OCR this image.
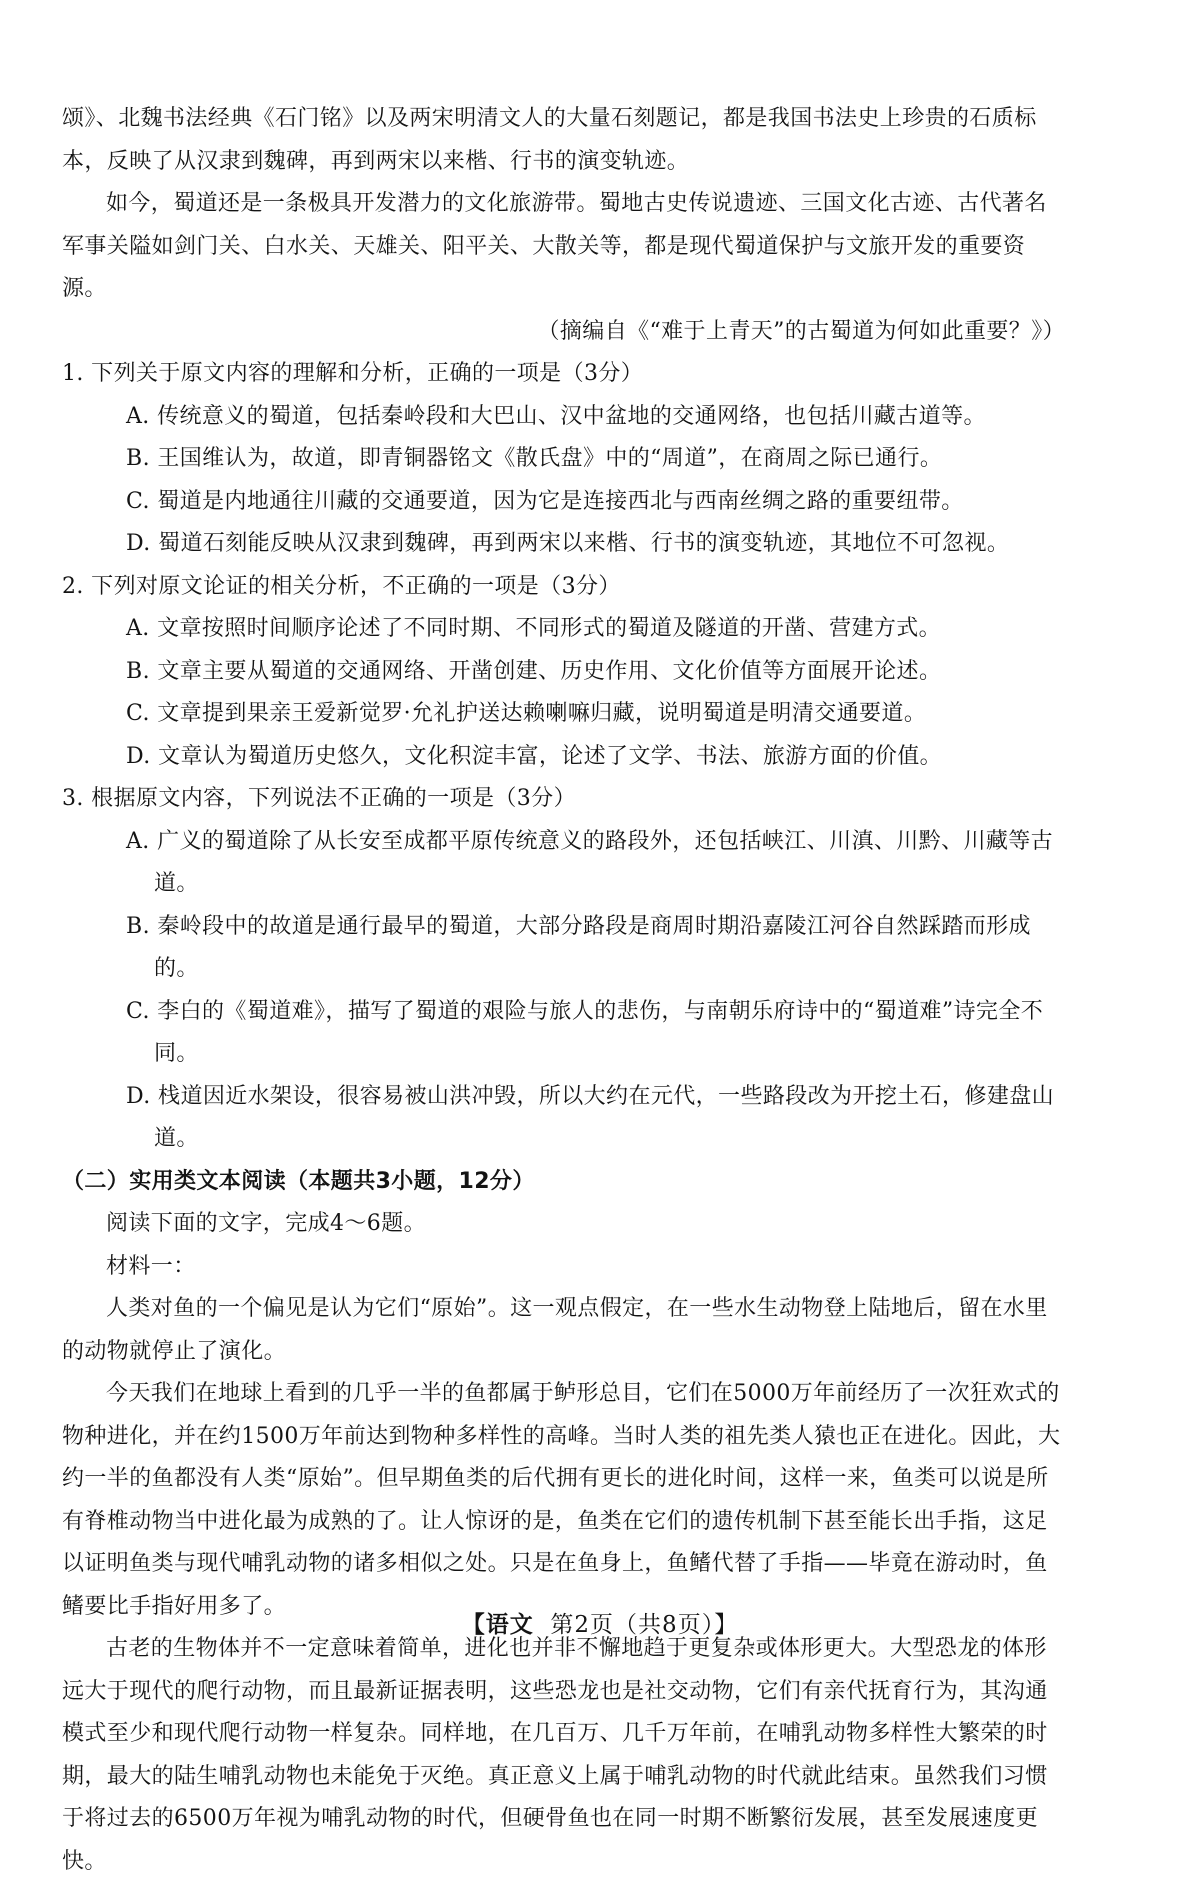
颂》、北魏书法经典《石门铭》以及两宋明清文人的大量石刻题记，都是我国书法史上珍贵的石质标本，反映了从汉隶到魏碑，再到两宋以来楷、行书的演变轨迹。

如今，蜀道还是一条极具开发潜力的文化旅游带。蜀地古史传说遗迹、三国文化古迹、古代著名军事关隘如剑门关、白水关、天雄关、阳平关、大散关等，都是现代蜀道保护与文旅开发的重要资源。

（摘编自《“难于上青天”的古蜀道为何如此重要？》）

1. 下列关于原文内容的理解和分析，正确的一项是（3分）

A. 传统意义的蜀道，包括秦岭段和大巴山、汉中盆地的交通网络，也包括川藏古道等。

B. 王国维认为，故道，即青铜器铭文《散氏盘》中的“周道”，在商周之际已通行。

C. 蜀道是内地通往川藏的交通要道，因为它是连接西北与西南丝绸之路的重要纽带。

D. 蜀道石刻能反映从汉隶到魏碑，再到两宋以来楷、行书的演变轨迹，其地位不可忽视。

2. 下列对原文论证的相关分析，不正确的一项是（3分）

A. 文章按照时间顺序论述了不同时期、不同形式的蜀道及隧道的开凿、营建方式。

B. 文章主要从蜀道的交通网络、开凿创建、历史作用、文化价值等方面展开论述。

C. 文章提到果亲王爱新觉罗·允礼护送达赖喇嘛归藏，说明蜀道是明清交通要道。

D. 文章认为蜀道历史悠久，文化积淀丰富，论述了文学、书法、旅游方面的价值。

3. 根据原文内容，下列说法不正确的一项是（3分）

A. 广义的蜀道除了从长安至成都平原传统意义的路段外，还包括峡江、川滇、川黔、川藏等古道。

B. 秦岭段中的故道是通行最早的蜀道，大部分路段是商周时期沿嘉陵江河谷自然踩踏而形成的。

C. 李白的《蜀道难》，描写了蜀道的艰险与旅人的悲伤，与南朝乐府诗中的“蜀道难”诗完全不同。

D. 栈道因近水架设，很容易被山洪冲毁，所以大约在元代，一些路段改为开挖土石，修建盘山道。

（二）实用类文本阅读（本题共3小题，12分）

阅读下面的文字，完成4～6题。

材料一：

人类对鱼的一个偏见是认为它们“原始”。这一观点假定，在一些水生动物登上陆地后，留在水里的动物就停止了演化。

今天我们在地球上看到的几乎一半的鱼都属于鲈形总目，它们在5000万年前经历了一次狂欢式的物种进化，并在约1500万年前达到物种多样性的高峰。当时人类的祖先类人猿也正在进化。因此，大约一半的鱼都没有人类“原始”。但早期鱼类的后代拥有更长的进化时间，这样一来，鱼类可以说是所有脊椎动物当中进化最为成熟的了。让人惊讶的是，鱼类在它们的遗传机制下甚至能长出手指，这足以证明鱼类与现代哺乳动物的诸多相似之处。只是在鱼身上，鱼鳍代替了手指——毕竟在游动时，鱼鳍要比手指好用多了。

古老的生物体并不一定意味着简单，进化也并非不懈地趋于更复杂或体形更大。大型恐龙的体形远大于现代的爬行动物，而且最新证据表明，这些恐龙也是社交动物，它们有亲代抚育行为，其沟通模式至少和现代爬行动物一样复杂。同样地，在几百万、几千万年前，在哺乳动物多样性大繁荣的时期，最大的陆生哺乳动物也未能免于灭绝。真正意义上属于哺乳动物的时代就此结束。虽然我们习惯于将过去的6500万年视为哺乳动物的时代，但硬骨鱼也在同一时期不断繁衍发展，甚至发展速度更快。

【语文 第2页（共8页）】
